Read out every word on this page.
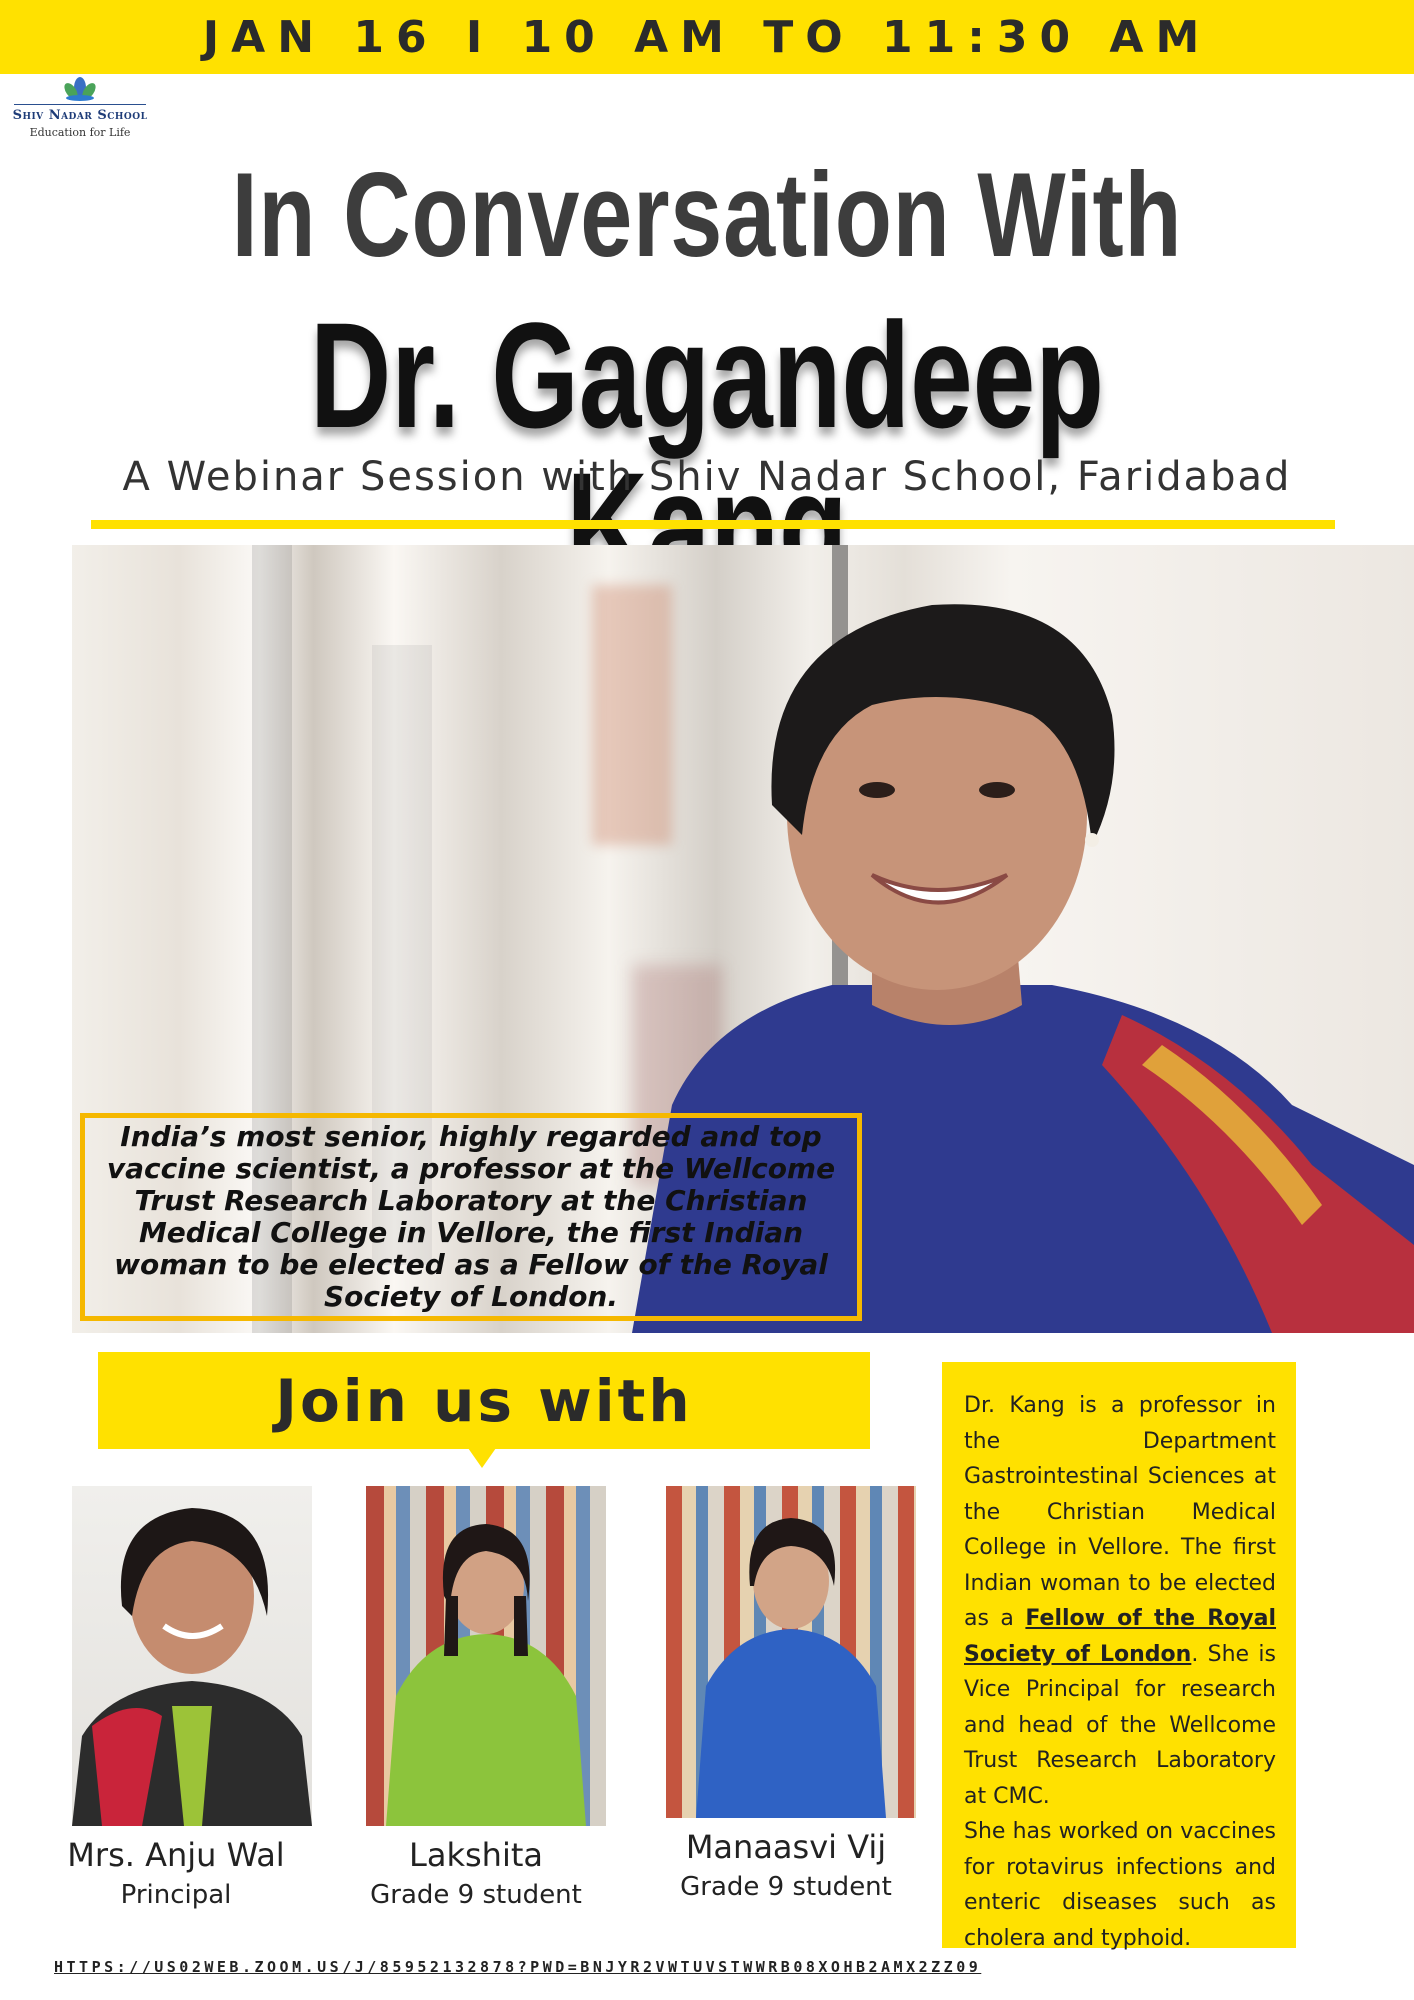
JAN 16 I 10 AM TO 11:30 AM
Shiv Nadar School
Education for Life
In Conversation With
Dr. Gagandeep
A Webinar Session with Shiv Nadar School, Faridabad

India’s most senior, highly regarded and top vaccine scientist, a professor at the Wellcome Trust Research Laboratory at the Christian Medical College in Vellore, the first Indian woman to be elected as a Fellow of the Royal Society of London.

Join us with
Mrs. Anju Wal
Principal
Lakshita
Grade 9 student
Manaasvi Vij
Grade 9 student

Dr. Kang is a professor in the Department Gastrointestinal Sciences at the Christian Medical College in Vellore. The first Indian woman to be elected as a Fellow of the Royal Society of London. She is Vice Principal for research and head of the Wellcome Trust Research Laboratory at CMC.

She has worked on vaccines for rotavirus infections and enteric diseases such as cholera and typhoid.

HTTPS://US02WEB.ZOOM.US/J/85952132878?PWD=BNJYR2VWTUVSTWWRB08XOHB2AMX2ZZ09
